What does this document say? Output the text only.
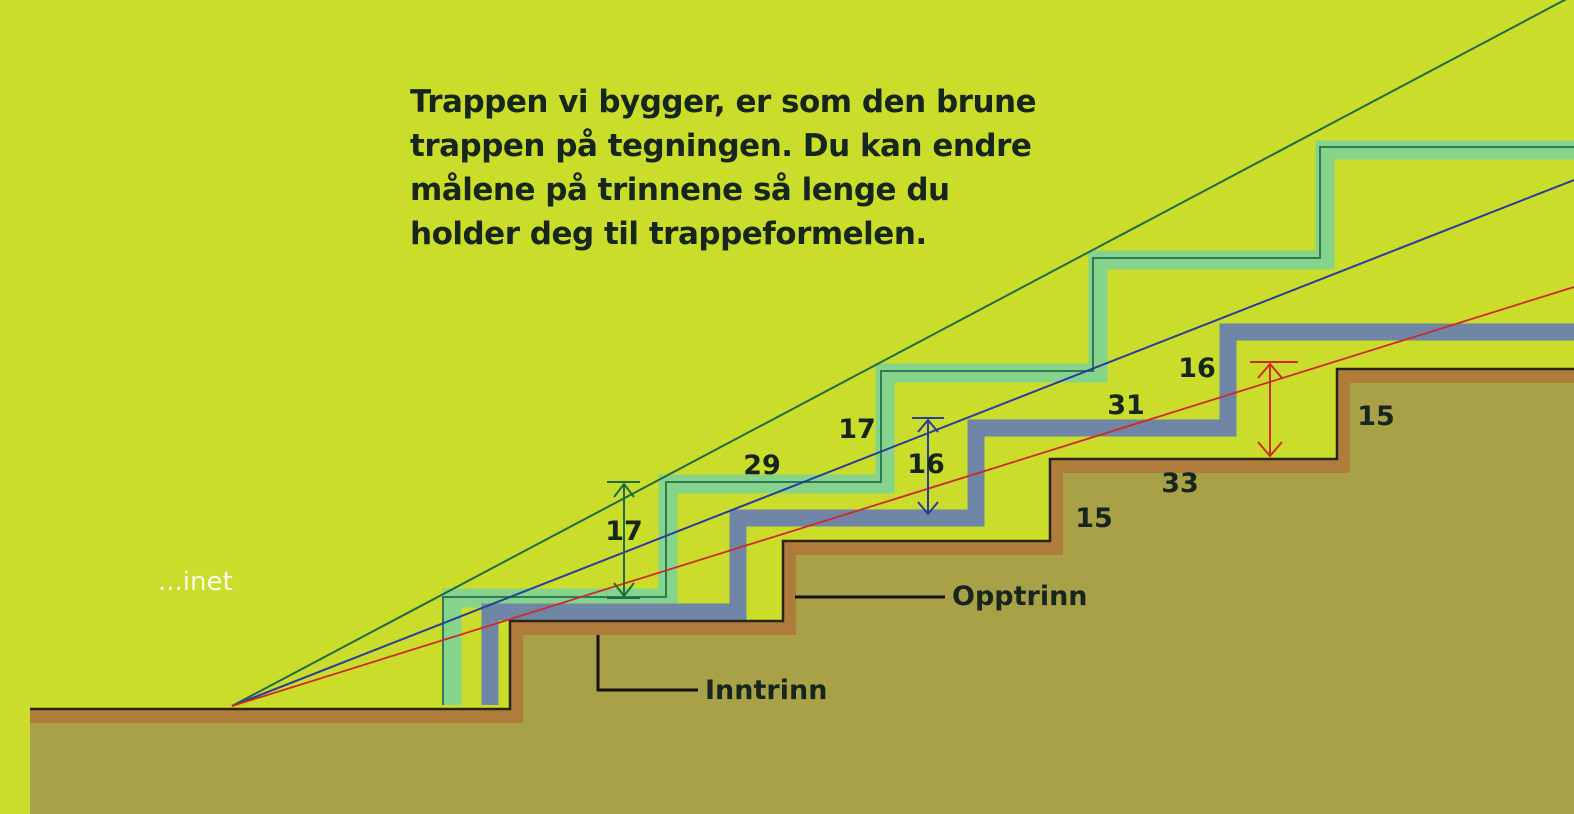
17
29
17
16
31
16
15
33
15
Opptrinn
Inntrinn
...inet

Trappen vi bygger, er som den brune
trappen på tegningen. Du kan endre
målene på trinnene så lenge du
holder deg til trappeformelen.
